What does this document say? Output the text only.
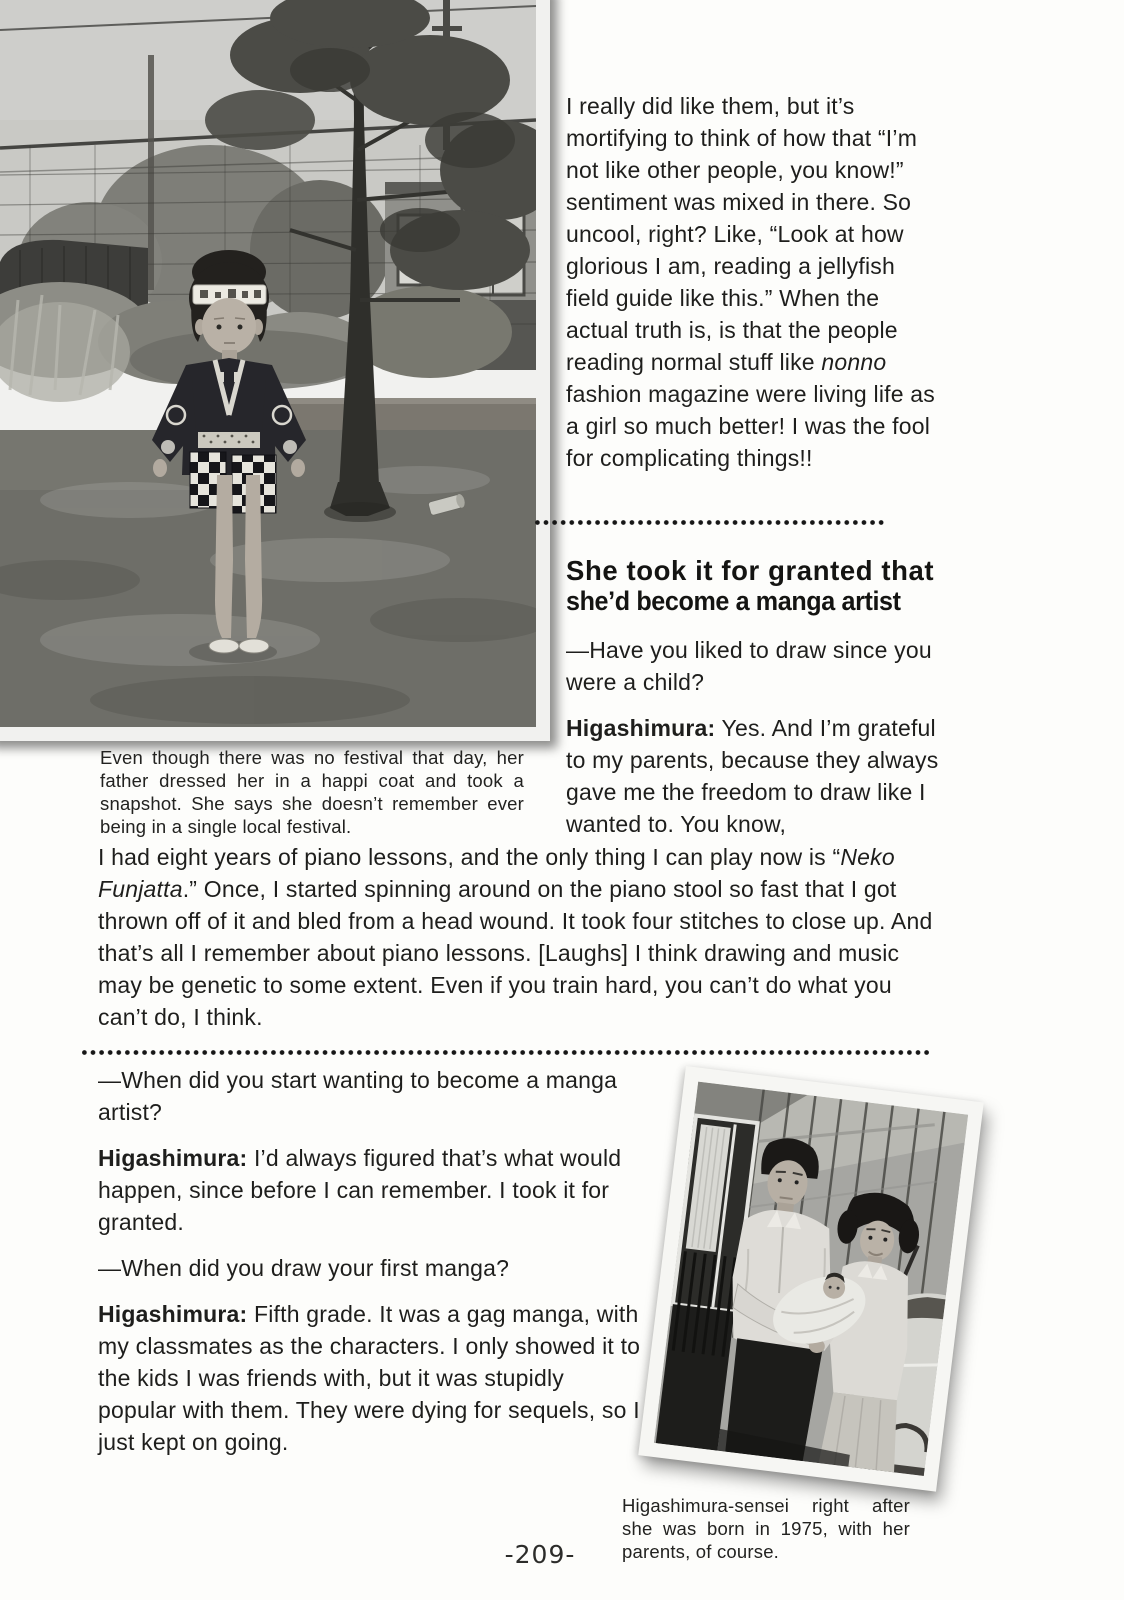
Even though there was no festival that day, her father dressed her in a happi coat and took a snapshot. She says she doesn’t remember ever being in a single local festival.
I really did like them, but it’s mortifying to think of how that “I’m not like other people, you know!” sentiment was mixed in there. So uncool, right? Like, “Look at how glorious I am, reading a jellyfish field guide like this.” When the actual truth is, is that the people reading normal stuff like nonno fashion magazine were living life as a girl so much better! I was the fool for complicating things!!
She took it for granted that
she’d become a manga artist
—Have you liked to draw since you were a child?
Higashimura: Yes. And I’m grateful to my parents, because they always gave me the freedom to draw like I wanted to. You know,
I had eight years of piano lessons, and the only thing I can play now is “Neko Funjatta.” Once, I started spinning around on the piano stool so fast that I got thrown off of it and bled from a head wound. It took four stitches to close up. And that’s all I remember about piano lessons. [Laughs] I think drawing and music may be genetic to some extent. Even if you train hard, you can’t do what you can’t do, I think.

—When did you start wanting to become a manga artist?

Higashimura: I’d always figured that’s what would happen, since before I can remember. I took it for granted.

—When did you draw your first manga?

Higashimura: Fifth grade. It was a gag manga, with my classmates as the characters. I only showed it to the kids I was friends with, but it was stupidly popular with them. They were dying for sequels, so I just kept on going.

Higashimura-sensei right after she was born in 1975, with her parents, of course.
-209-
